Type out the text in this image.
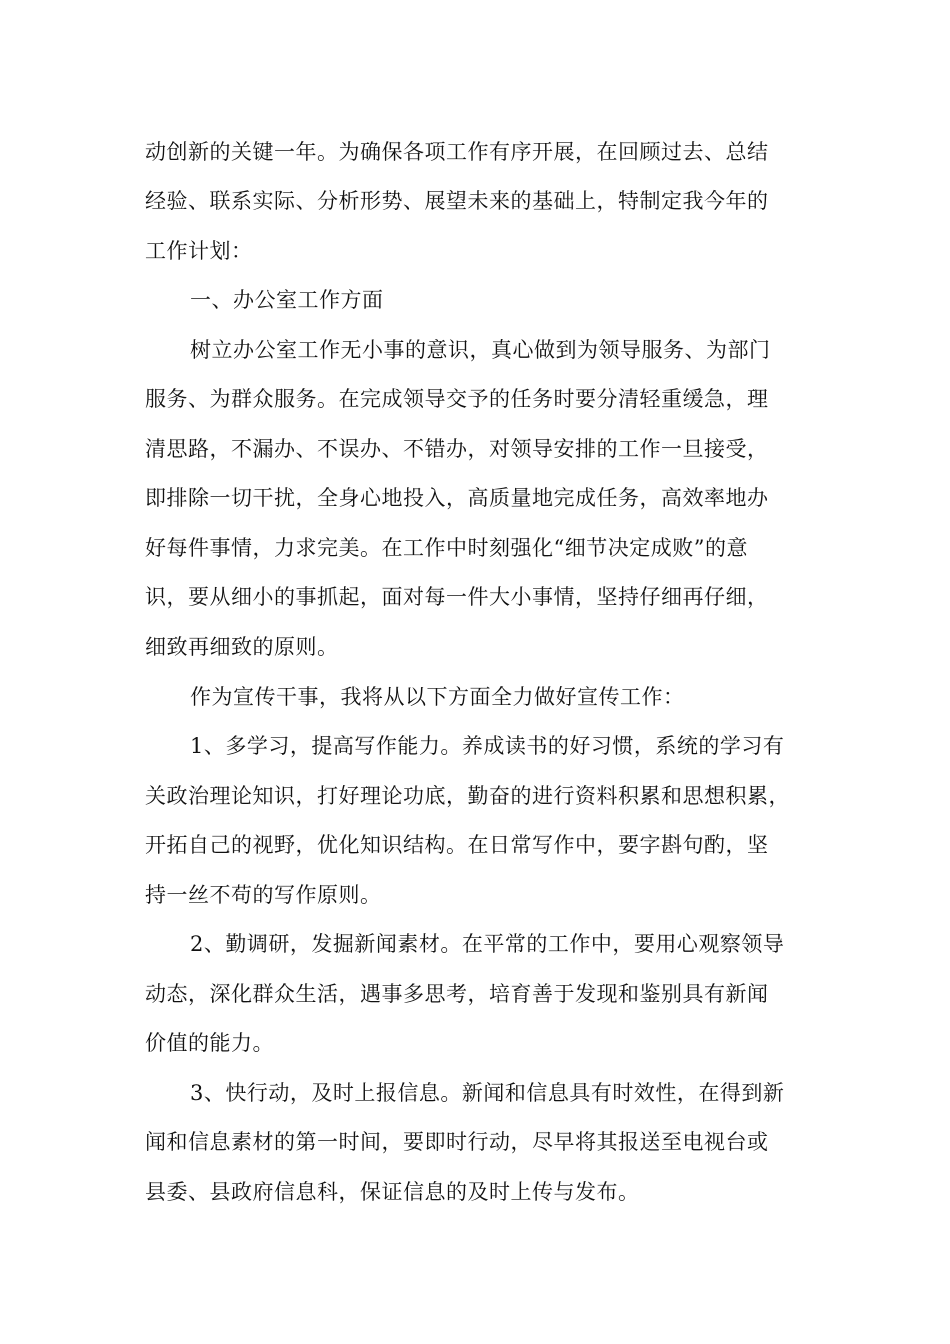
动创新的关键一年。为确保各项工作有序开展，在回顾过去、总结
经验、联系实际、分析形势、展望未来的基础上，特制定我今年的
工作计划：
一、办公室工作方面
树立办公室工作无小事的意识，真心做到为领导服务、为部门
服务、为群众服务。在完成领导交予的任务时要分清轻重缓急，理
清思路，不漏办、不误办、不错办，对领导安排的工作一旦接受，
即排除一切干扰，全身心地投入，高质量地完成任务，高效率地办
好每件事情，力求完美。在工作中时刻强化“细节决定成败”的意
识，要从细小的事抓起，面对每一件大小事情，坚持仔细再仔细，
细致再细致的原则。
作为宣传干事，我将从以下方面全力做好宣传工作：
1、多学习，提高写作能力。养成读书的好习惯，系统的学习有
关政治理论知识，打好理论功底，勤奋的进行资料积累和思想积累，
开拓自己的视野，优化知识结构。在日常写作中，要字斟句酌，坚
持一丝不苟的写作原则。
2、勤调研，发掘新闻素材。在平常的工作中，要用心观察领导
动态，深化群众生活，遇事多思考，培育善于发现和鉴别具有新闻
价值的能力。
3、快行动，及时上报信息。新闻和信息具有时效性，在得到新
闻和信息素材的第一时间，要即时行动，尽早将其报送至电视台或
县委、县政府信息科，保证信息的及时上传与发布。
